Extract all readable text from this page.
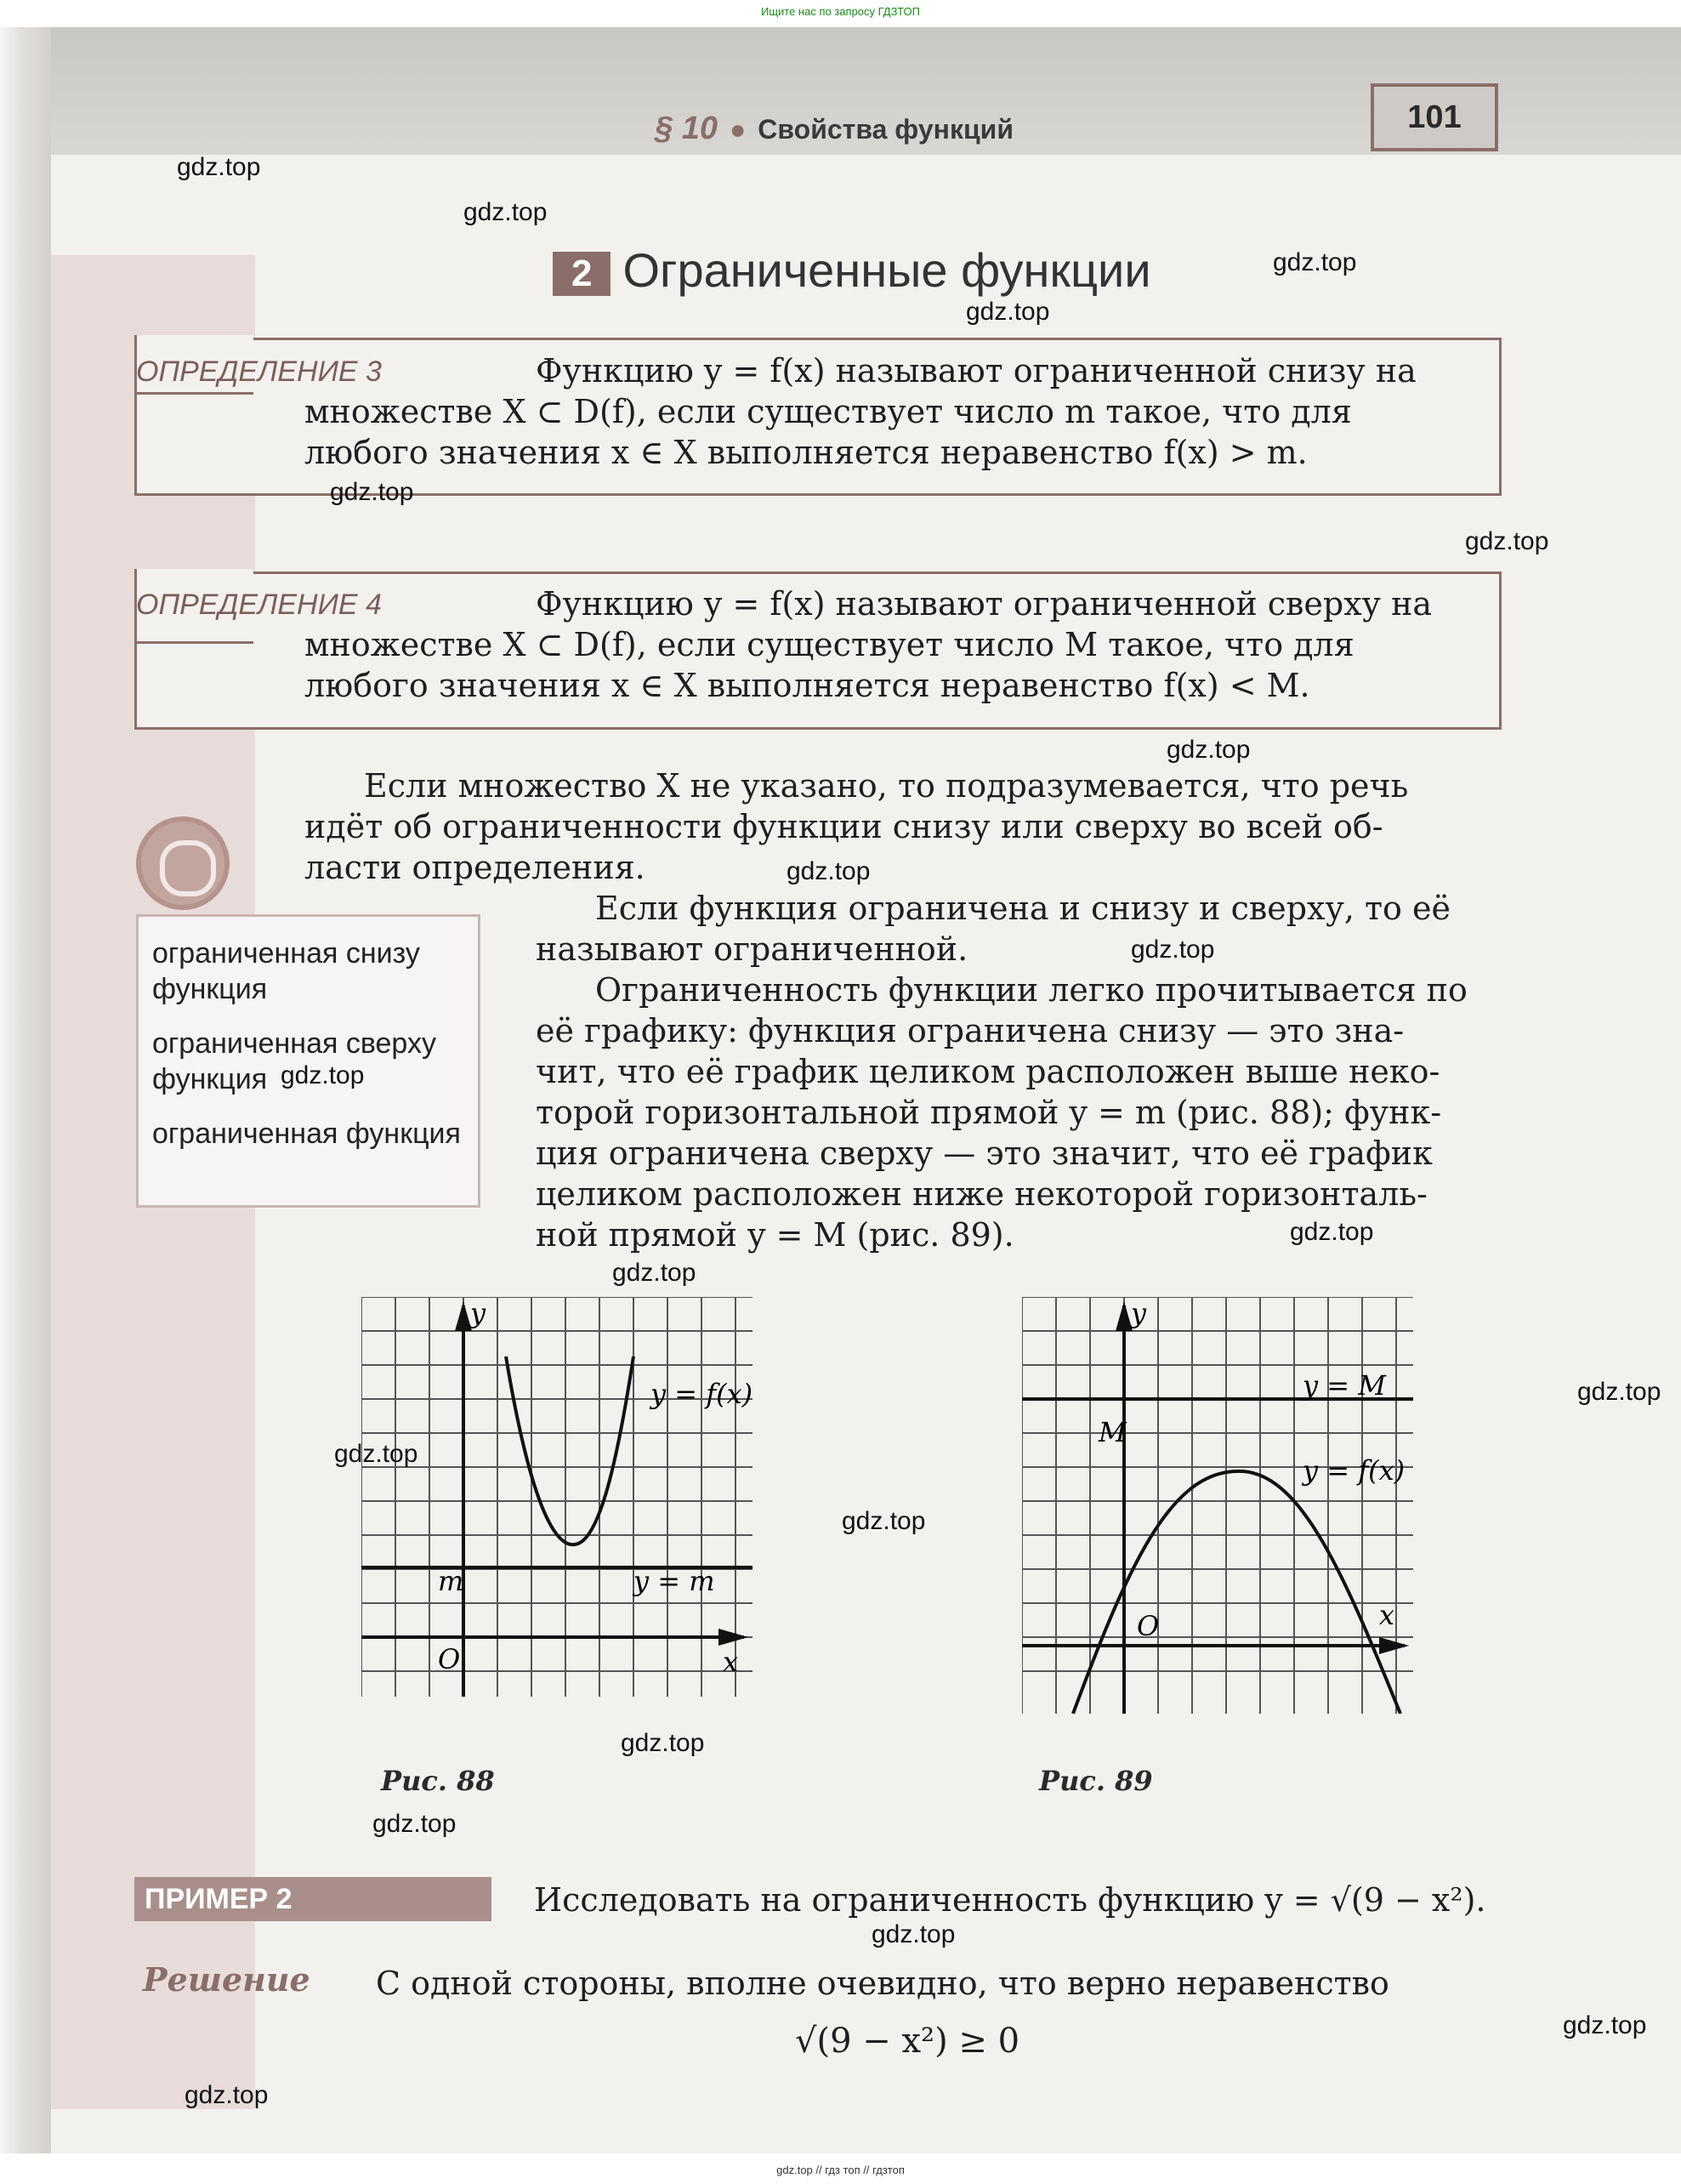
Ищите нас по запросу ГДЗТОП
§ 10 ● Свойства функций	101
2 Ограниченные функции
ОПРЕДЕЛЕНИЕ 3	Функцию y = f(x) называют ограниченной снизу на
множестве X ⊂ D(f), если существует число m такое, что для
любого значения x ∈ X выполняется неравенство f(x) > m.
ОПРЕДЕЛЕНИЕ 4	Функцию y = f(x) называют ограниченной сверху на
множестве X ⊂ D(f), если существует число M такое, что для
любого значения x ∈ X выполняется неравенство f(x) < M.
Если множество X не указано, то подразумевается, что речь
идёт об ограниченности функции снизу или сверху во всей об-
ласти определения.
Если функция ограничена и снизу и сверху, то её
называют ограниченной.
ограниченная снизу функция
ограниченная сверху функция
ограниченная функция
Ограниченность функции легко прочитывается по
её графику: функция ограничена снизу — это зна-
чит, что её график целиком расположен выше неко-
торой горизонтальной прямой y = m (рис. 88); функ-
ция ограничена сверху — это значит, что её график
целиком расположен ниже некоторой горизонталь-
ной прямой y = M (рис. 89).
y
x
O
m	y = m
y = f(x)
Рис. 88
y
x
O
M
y = M
y = f(x)
Рис. 89
ПРИМЕР 2	Исследовать на ограниченность функцию y = √(9 − x²).
Решение С одной стороны, вполне очевидно, что верно неравенство
√(9 − x²) ≥ 0
gdz.top
gdz.top
gdz.top
gdz.top
gdz.top
gdz.top
gdz.top
gdz.top
gdz.top
gdz.top
gdz.top
gdz.top
gdz.top
gdz.top
gdz.top
gdz.top
gdz.top
gdz.top
gdz.top
gdz.top
gdz.top // гдз топ // гдзтоп
